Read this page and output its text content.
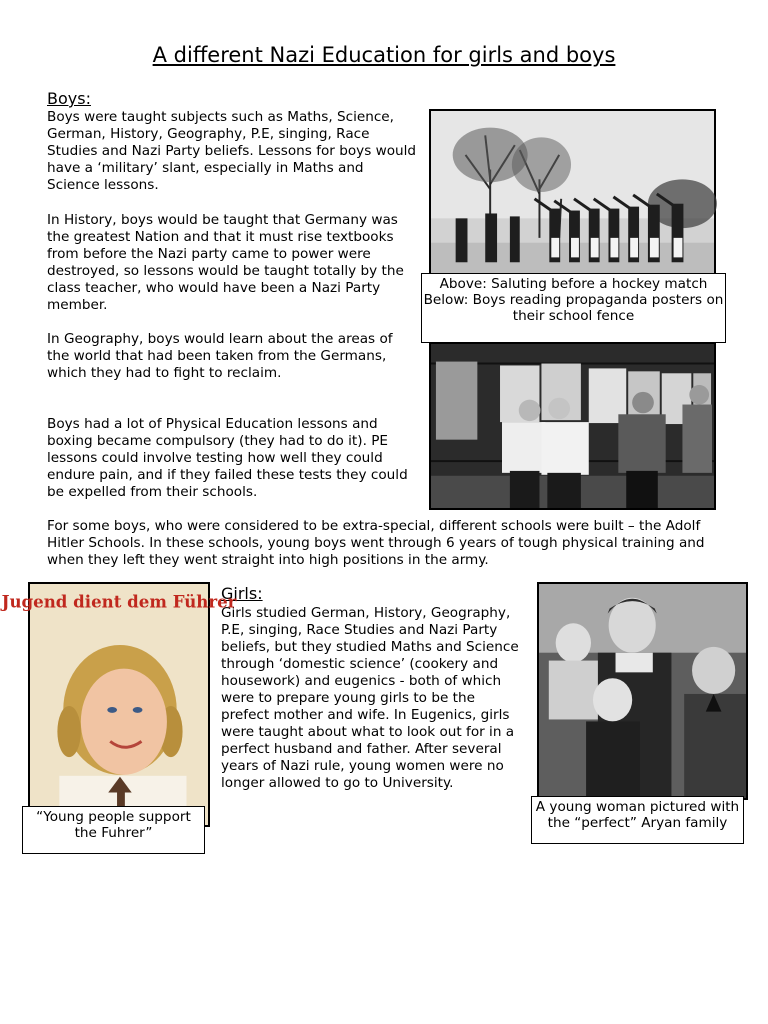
A different Nazi Education for girls and boys
Boys:

Boys were taught subjects such as Maths, Science, German, History, Geography, P.E, singing, Race Studies and Nazi Party beliefs. Lessons for boys would have a ‘military’ slant, especially in Maths and Science lessons.

In History, boys would be taught that Germany was the greatest Nation and that it must rise textbooks from before the Nazi party came to power were destroyed, so lessons would be taught totally by the class teacher, who would have been a Nazi Party member.

In Geography, boys would learn about the areas of the world that had been taken from the Germans, which they had to fight to reclaim.

Boys had a lot of Physical Education lessons and boxing became compulsory (they had to do it). PE lessons could involve testing how well they could endure pain, and if they failed these tests they could be expelled from their schools.

For some boys, who were considered to be extra-special, different schools were built – the Adolf Hitler Schools. In these schools, young boys went through 6 years of tough physical training and when they left they went straight into high positions in the army.

Above: Saluting before a hockey match
Below: Boys reading propaganda posters on their school fence
Girls:

Girls studied German, History, Geography, P.E, singing, Race Studies and Nazi Party beliefs, but they studied Maths and Science through ‘domestic science’ (cookery and housework) and eugenics - both of which were to prepare young girls to be the prefect mother and wife. In Eugenics, girls were taught about what to look out for in a perfect husband and father. After several years of Nazi rule, young women were no longer allowed to go to University.

Jugend dient dem Führer
“Young people support the Fuhrer”
A young woman pictured with the “perfect” Aryan family
